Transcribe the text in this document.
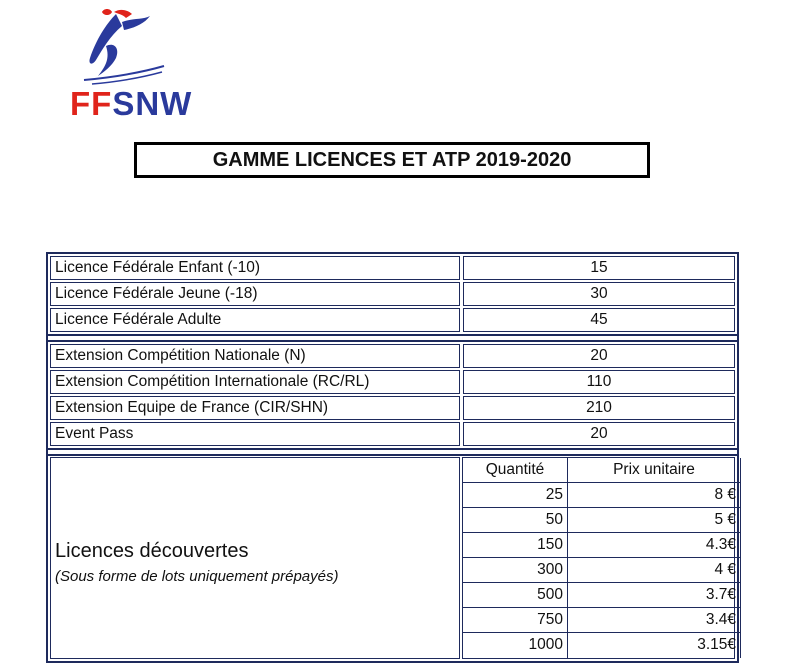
FFSNW
GAMME LICENCES ET ATP 2019-2020
Licence Fédérale Enfant (-10)	15
Licence Fédérale Jeune (-18)	30
Licence Fédérale Adulte	45
Extension Compétition Nationale (N)	20
Extension Compétition Internationale (RC/RL)	110
Extension Equipe de France (CIR/SHN)	210
Event Pass	20
Licences découvertes
(Sous forme de lots uniquement prépayés)
Quantité	Prix unitaire
25	8 €
50	5 €
150	4.3€
300	4 €
500	3.7€
750	3.4€
1000	3.15€
